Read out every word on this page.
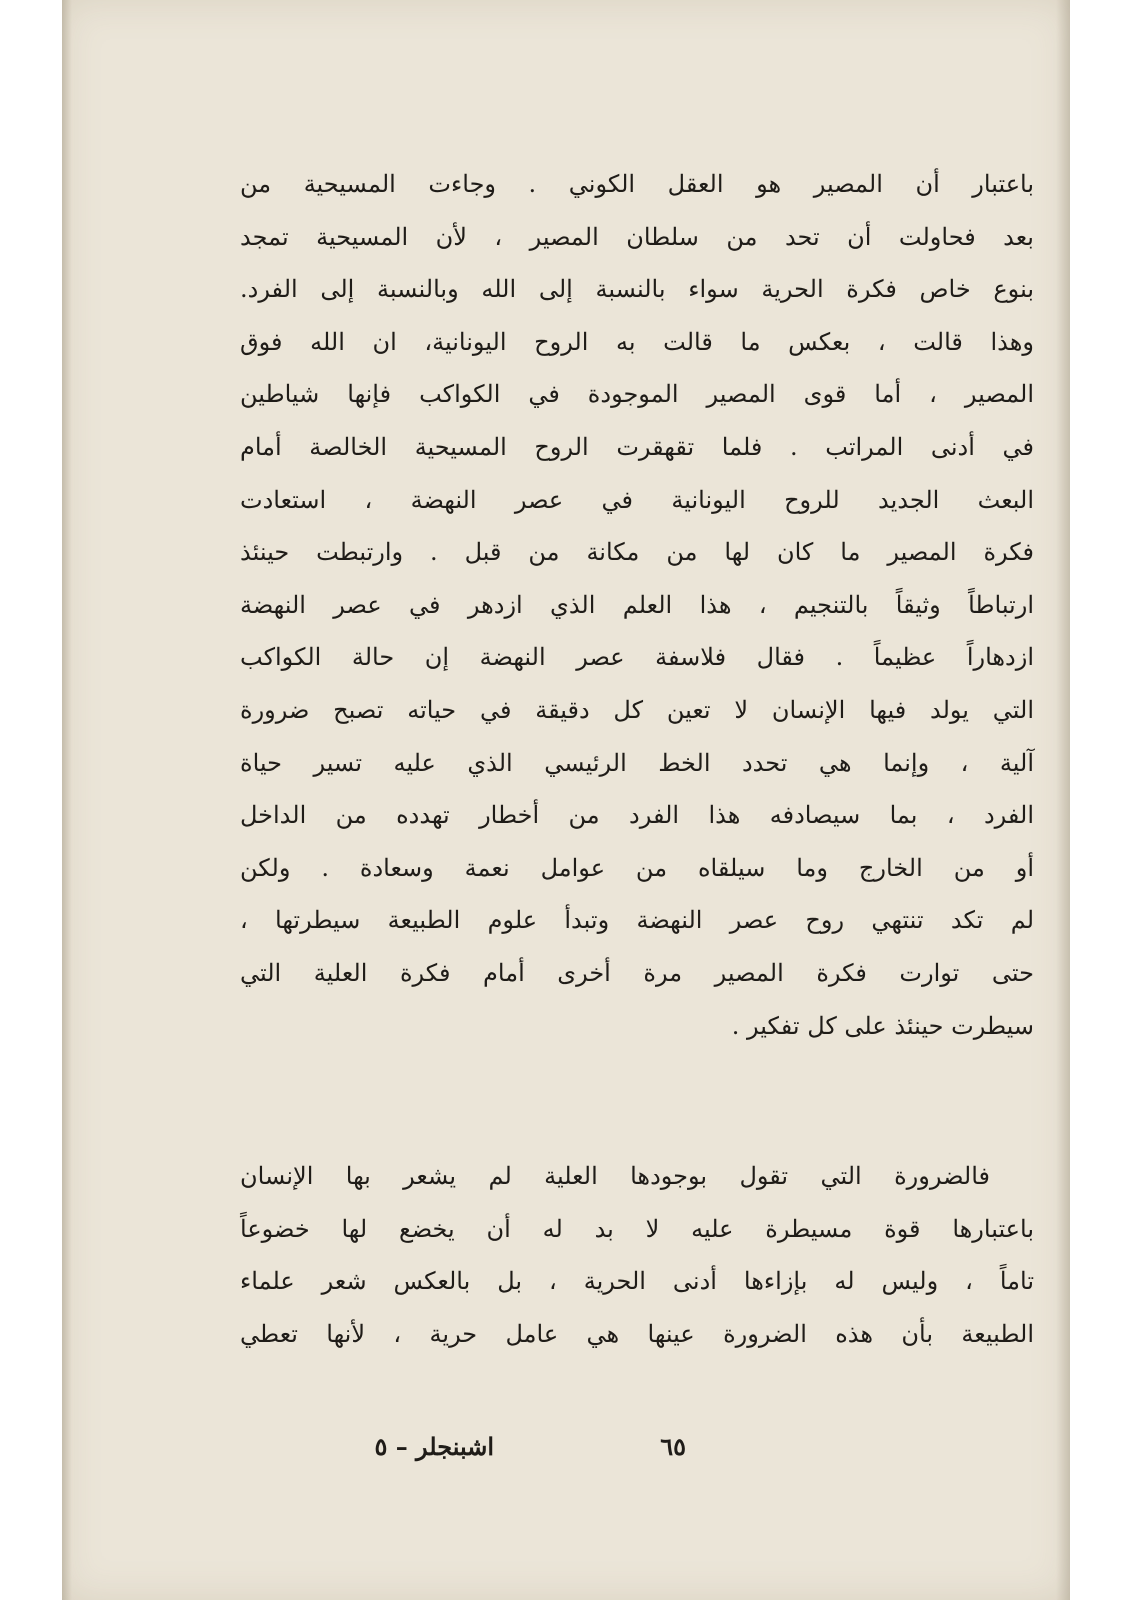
باعتبار أن المصير هو العقل الكوني . وجاءت المسيحية من
بعد فحاولت أن تحد من سلطان المصير ، لأن المسيحية تمجد
بنوع خاص فكرة الحرية سواء بالنسبة إلى الله وبالنسبة إلى الفرد.
وهذا قالت ، بعكس ما قالت به الروح اليونانية، ان الله فوق
المصير ، أما قوى المصير الموجودة في الكواكب فإنها شياطين
في أدنى المراتب . فلما تقهقرت الروح المسيحية الخالصة أمام
البعث الجديد للروح اليونانية في عصر النهضة ، استعادت
فكرة المصير ما كان لها من مكانة من قبل . وارتبطت حينئذ
ارتباطاً وثيقاً بالتنجيم ، هذا العلم الذي ازدهر في عصر النهضة
ازدهاراً عظيماً . فقال فلاسفة عصر النهضة إن حالة الكواكب
التي يولد فيها الإنسان لا تعين كل دقيقة في حياته تصبح ضرورة
آلية ، وإنما هي تحدد الخط الرئيسي الذي عليه تسير حياة
الفرد ، بما سيصادفه هذا الفرد من أخطار تهدده من الداخل
أو من الخارج وما سيلقاه من عوامل نعمة وسعادة . ولكن
لم تكد تنتهي روح عصر النهضة وتبدأ علوم الطبيعة سيطرتها ،
حتى توارت فكرة المصير مرة أخرى أمام فكرة العلية التي
سيطرت حينئذ على كل تفكير .
فالضرورة التي تقول بوجودها العلية لم يشعر بها الإنسان
باعتبارها قوة مسيطرة عليه لا بد له أن يخضع لها خضوعاً
تاماً ، وليس له بإزاءها أدنى الحرية ، بل بالعكس شعر علماء
الطبيعة بأن هذه الضرورة عينها هي عامل حرية ، لأنها تعطي
٦٥
اشبنجلر – ٥
